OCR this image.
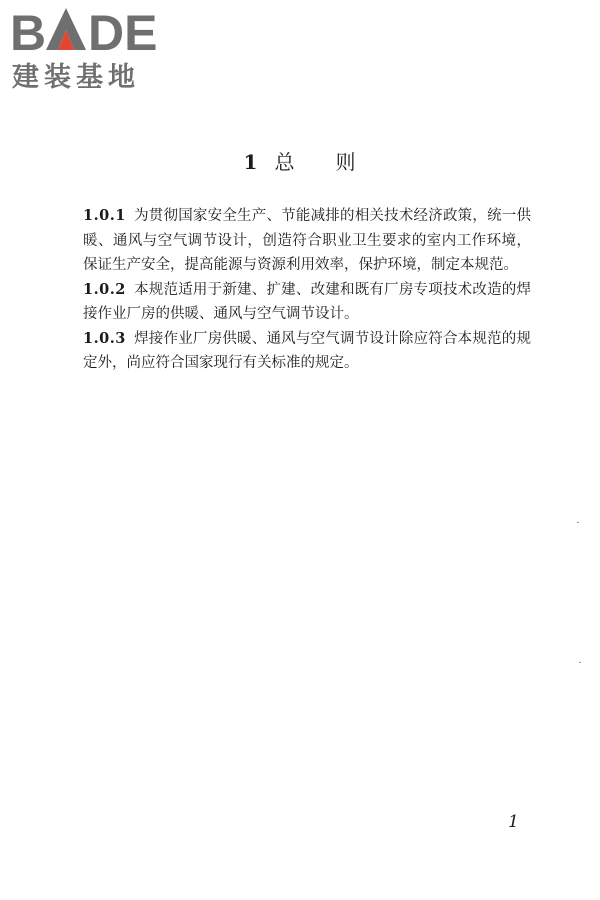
B DE
建装基地
1 总 则

1.0.1 为贯彻国家安全生产、节能减排的相关技术经济政策，统一供暖、通风与空气调节设计，创造符合职业卫生要求的室内工作环境，保证生产安全，提高能源与资源利用效率，保护环境，制定本规范。

1.0.2 本规范适用于新建、扩建、改建和既有厂房专项技术改造的焊接作业厂房的供暖、通风与空气调节设计。

1.0.3 焊接作业厂房供暖、通风与空气调节设计除应符合本规范的规定外，尚应符合国家现行有关标准的规定。

1
